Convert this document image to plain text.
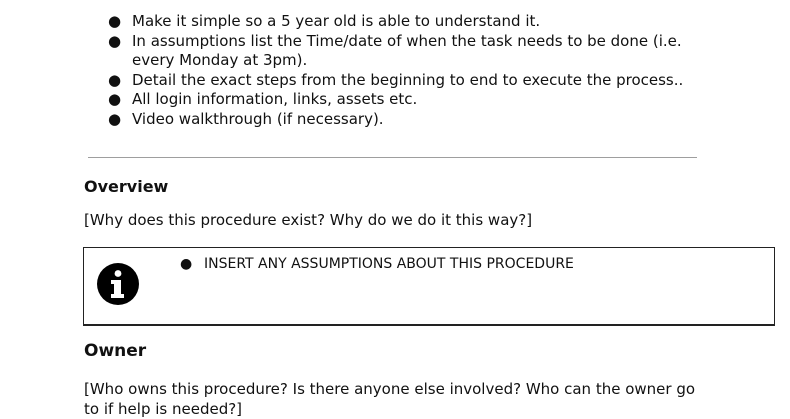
● Make it simple so a 5 year old is able to understand it.
● In assumptions list the Time/date of when the task needs to be done (i.e. every Monday at 3pm).
● Detail the exact steps from the beginning to end to execute the process..
● All login information, links, assets etc.
● Video walkthrough (if necessary).
Overview
[Why does this procedure exist? Why do we do it this way?]
● INSERT ANY ASSUMPTIONS ABOUT THIS PROCEDURE
Owner
[Who owns this procedure? Is there anyone else involved? Who can the owner go to if help is needed?]
